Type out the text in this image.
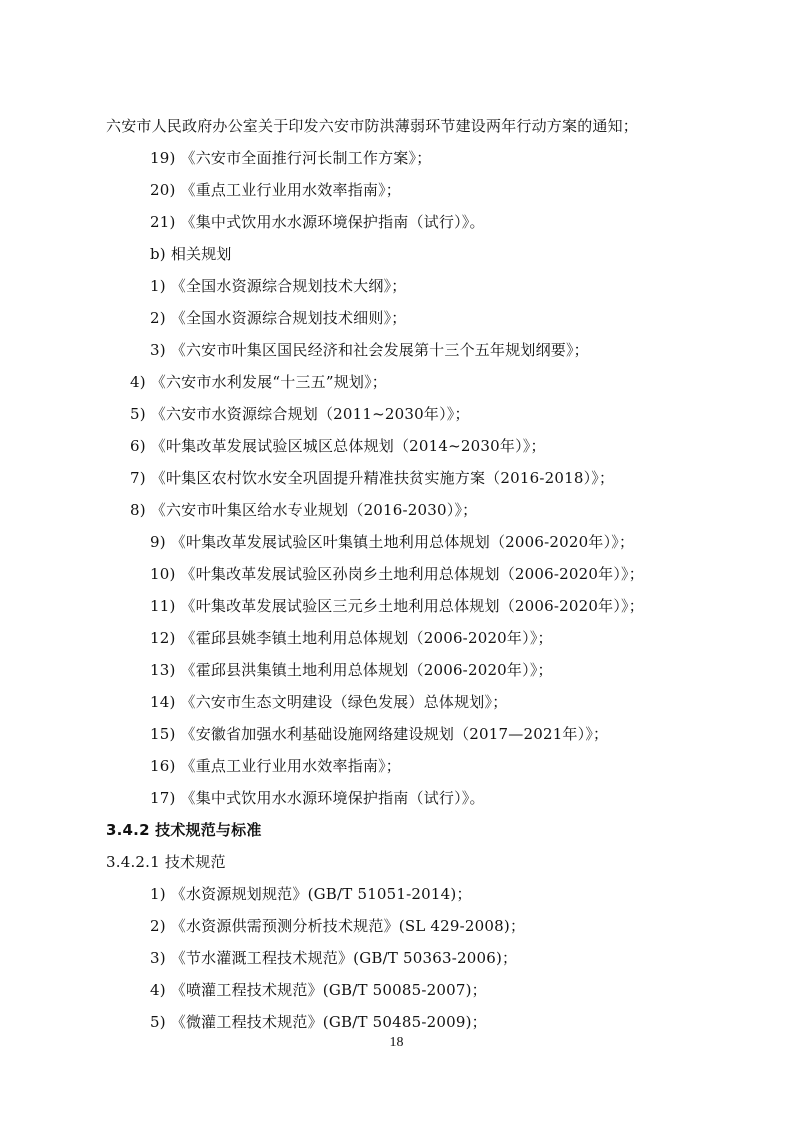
六安市人民政府办公室关于印发六安市防洪薄弱环节建设两年行动方案的通知；
19) 《六安市全面推行河长制工作方案》；
20) 《重点工业行业用水效率指南》；
21) 《集中式饮用水水源环境保护指南（试行）》。
b) 相关规划
1) 《全国水资源综合规划技术大纲》；
2) 《全国水资源综合规划技术细则》；
3) 《六安市叶集区国民经济和社会发展第十三个五年规划纲要》；
4) 《六安市水利发展“十三五”规划》；
5) 《六安市水资源综合规划（2011~2030年）》；
6) 《叶集改革发展试验区城区总体规划（2014~2030年）》；
7) 《叶集区农村饮水安全巩固提升精准扶贫实施方案（2016-2018）》；
8) 《六安市叶集区给水专业规划（2016-2030）》；
9) 《叶集改革发展试验区叶集镇土地利用总体规划（2006-2020年）》；
10) 《叶集改革发展试验区孙岗乡土地利用总体规划（2006-2020年）》；
11) 《叶集改革发展试验区三元乡土地利用总体规划（2006-2020年）》；
12) 《霍邱县姚李镇土地利用总体规划（2006-2020年）》；
13) 《霍邱县洪集镇土地利用总体规划（2006-2020年）》；
14) 《六安市生态文明建设（绿色发展）总体规划》；
15) 《安徽省加强水利基础设施网络建设规划（2017—2021年）》；
16) 《重点工业行业用水效率指南》；
17) 《集中式饮用水水源环境保护指南（试行）》。
3.4.2 技术规范与标准
3.4.2.1 技术规范
1) 《水资源规划规范》(GB/T 51051-2014)；
2) 《水资源供需预测分析技术规范》(SL 429-2008)；
3) 《节水灌溉工程技术规范》(GB/T 50363-2006)；
4) 《喷灌工程技术规范》(GB/T 50085-2007)；
5) 《微灌工程技术规范》(GB/T 50485-2009)；
18
